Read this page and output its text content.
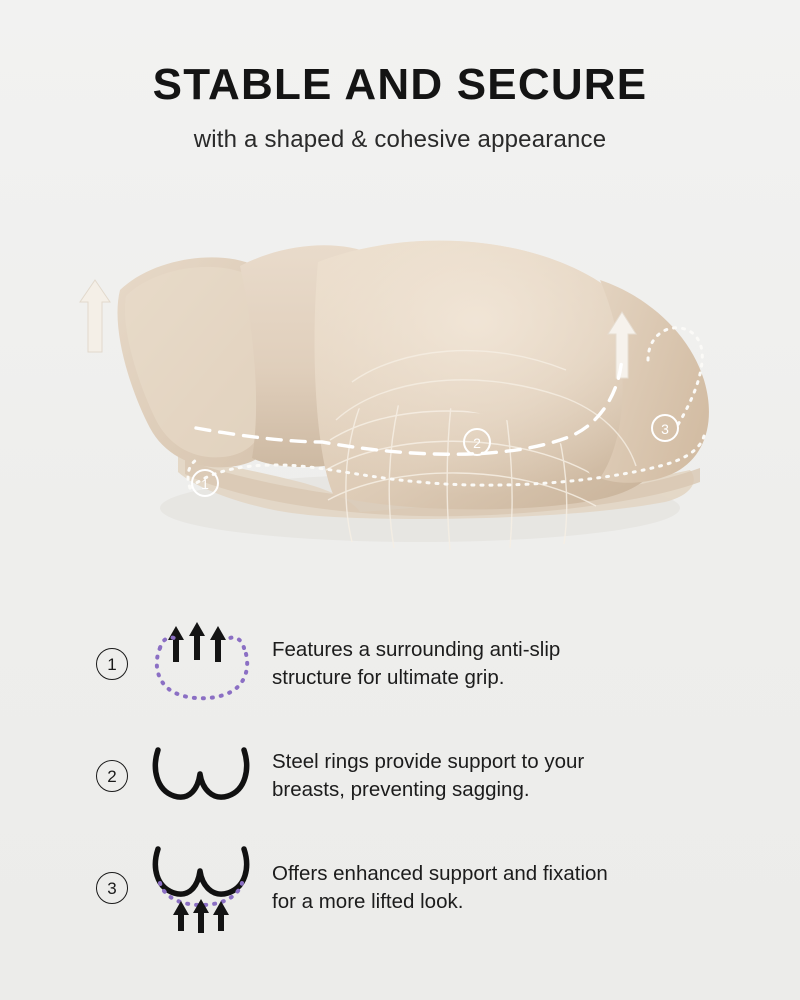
STABLE AND SECURE
with a shaped & cohesive appearance
1
2
3
1
Features a surrounding anti-slip
structure for ultimate grip.
2
Steel rings provide support to your
breasts, preventing sagging.
3
Offers enhanced support and fixation
for a more lifted look.
